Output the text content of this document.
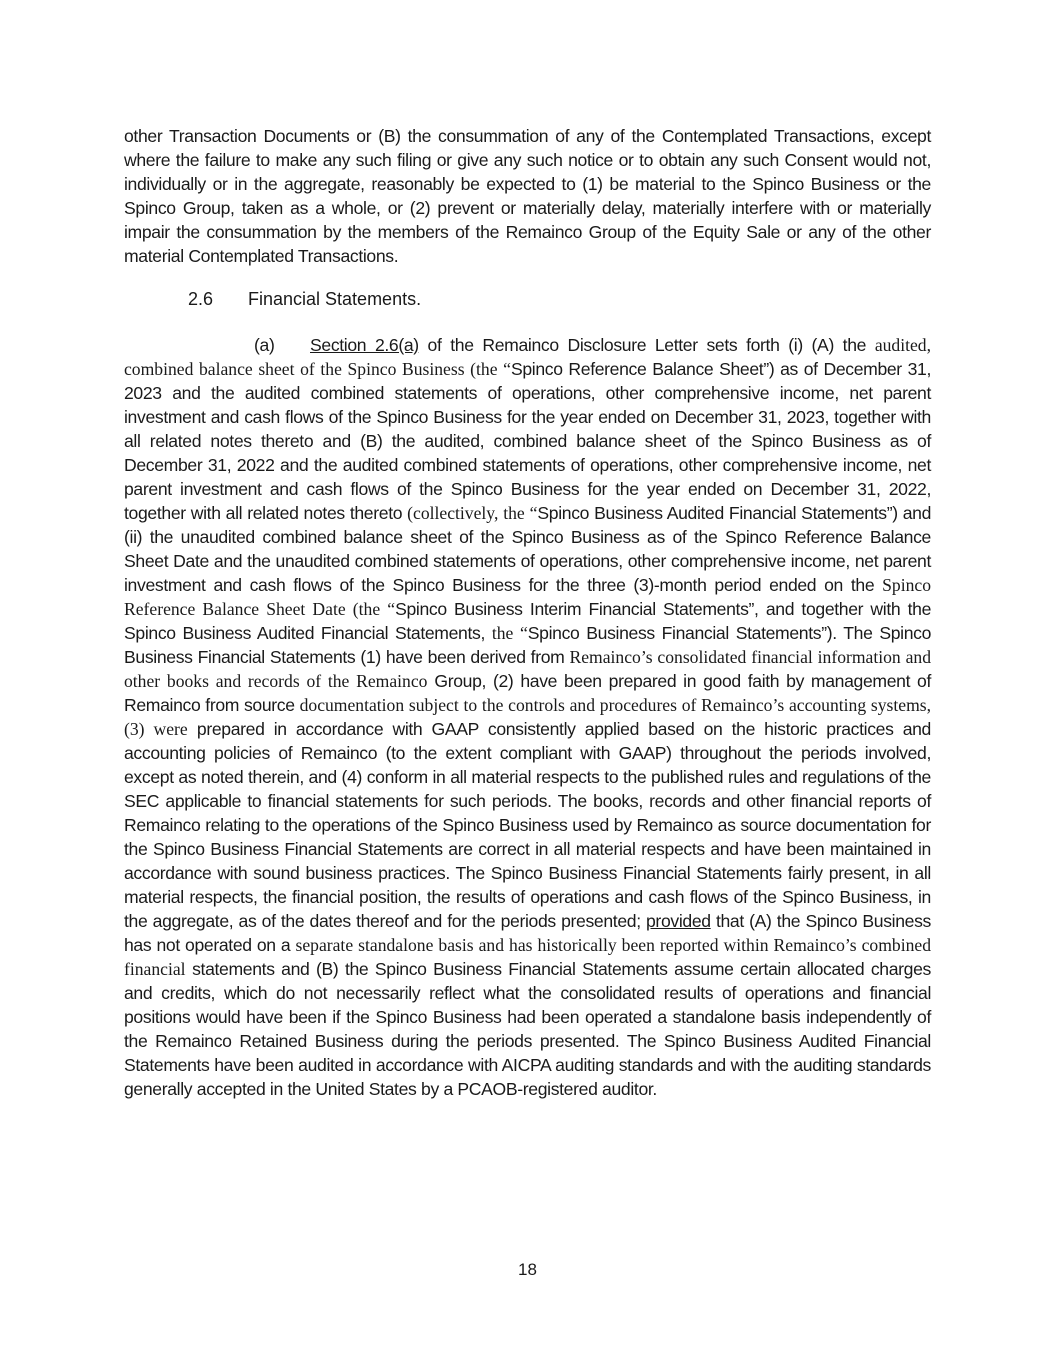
other Transaction Documents or (B) the consummation of any of the Contemplated Transactions, except where the failure to make any such filing or give any such notice or to obtain any such Consent would not, individually or in the aggregate, reasonably be expected to (1) be material to the Spinco Business or the Spinco Group, taken as a whole, or (2) prevent or materially delay, materially interfere with or materially impair the consummation by the members of the Remainco Group of the Equity Sale or any of the other material Contemplated Transactions.

2.6 Financial Statements.

(a) Section 2.6(a) of the Remainco Disclosure Letter sets forth (i) (A) the audited, combined balance sheet of the Spinco Business (the “Spinco Reference Balance Sheet”) as of December 31, 2023 and the audited combined statements of operations, other comprehensive income, net parent investment and cash flows of the Spinco Business for the year ended on December 31, 2023, together with all related notes thereto and (B) the audited, combined balance sheet of the Spinco Business as of December 31, 2022 and the audited combined statements of operations, other comprehensive income, net parent investment and cash flows of the Spinco Business for the year ended on December 31, 2022, together with all related notes thereto (collectively, the “Spinco Business Audited Financial Statements”) and (ii) the unaudited combined balance sheet of the Spinco Business as of the Spinco Reference Balance Sheet Date and the unaudited combined statements of operations, other comprehensive income, net parent investment and cash flows of the Spinco Business for the three (3)-month period ended on the Spinco Reference Balance Sheet Date (the “Spinco Business Interim Financial Statements”, and together with the Spinco Business Audited Financial Statements, the “Spinco Business Financial Statements”). The Spinco Business Financial Statements (1) have been derived from Remainco’s consolidated financial information and other books and records of the Remainco Group, (2) have been prepared in good faith by management of Remainco from source documentation subject to the controls and procedures of Remainco’s accounting systems, (3) were prepared in accordance with GAAP consistently applied based on the historic practices and accounting policies of Remainco (to the extent compliant with GAAP) throughout the periods involved, except as noted therein, and (4) conform in all material respects to the published rules and regulations of the SEC applicable to financial statements for such periods. The books, records and other financial reports of Remainco relating to the operations of the Spinco Business used by Remainco as source documentation for the Spinco Business Financial Statements are correct in all material respects and have been maintained in accordance with sound business practices. The Spinco Business Financial Statements fairly present, in all material respects, the financial position, the results of operations and cash flows of the Spinco Business, in the aggregate, as of the dates thereof and for the periods presented; provided that (A) the Spinco Business has not operated on a separate standalone basis and has historically been reported within Remainco’s combined financial statements and (B) the Spinco Business Financial Statements assume certain allocated charges and credits, which do not necessarily reflect what the consolidated results of operations and financial positions would have been if the Spinco Business had been operated a standalone basis independently of the Remainco Retained Business during the periods presented. The Spinco Business Audited Financial Statements have been audited in accordance with AICPA auditing standards and with the auditing standards generally accepted in the United States by a PCAOB-registered auditor.

18
